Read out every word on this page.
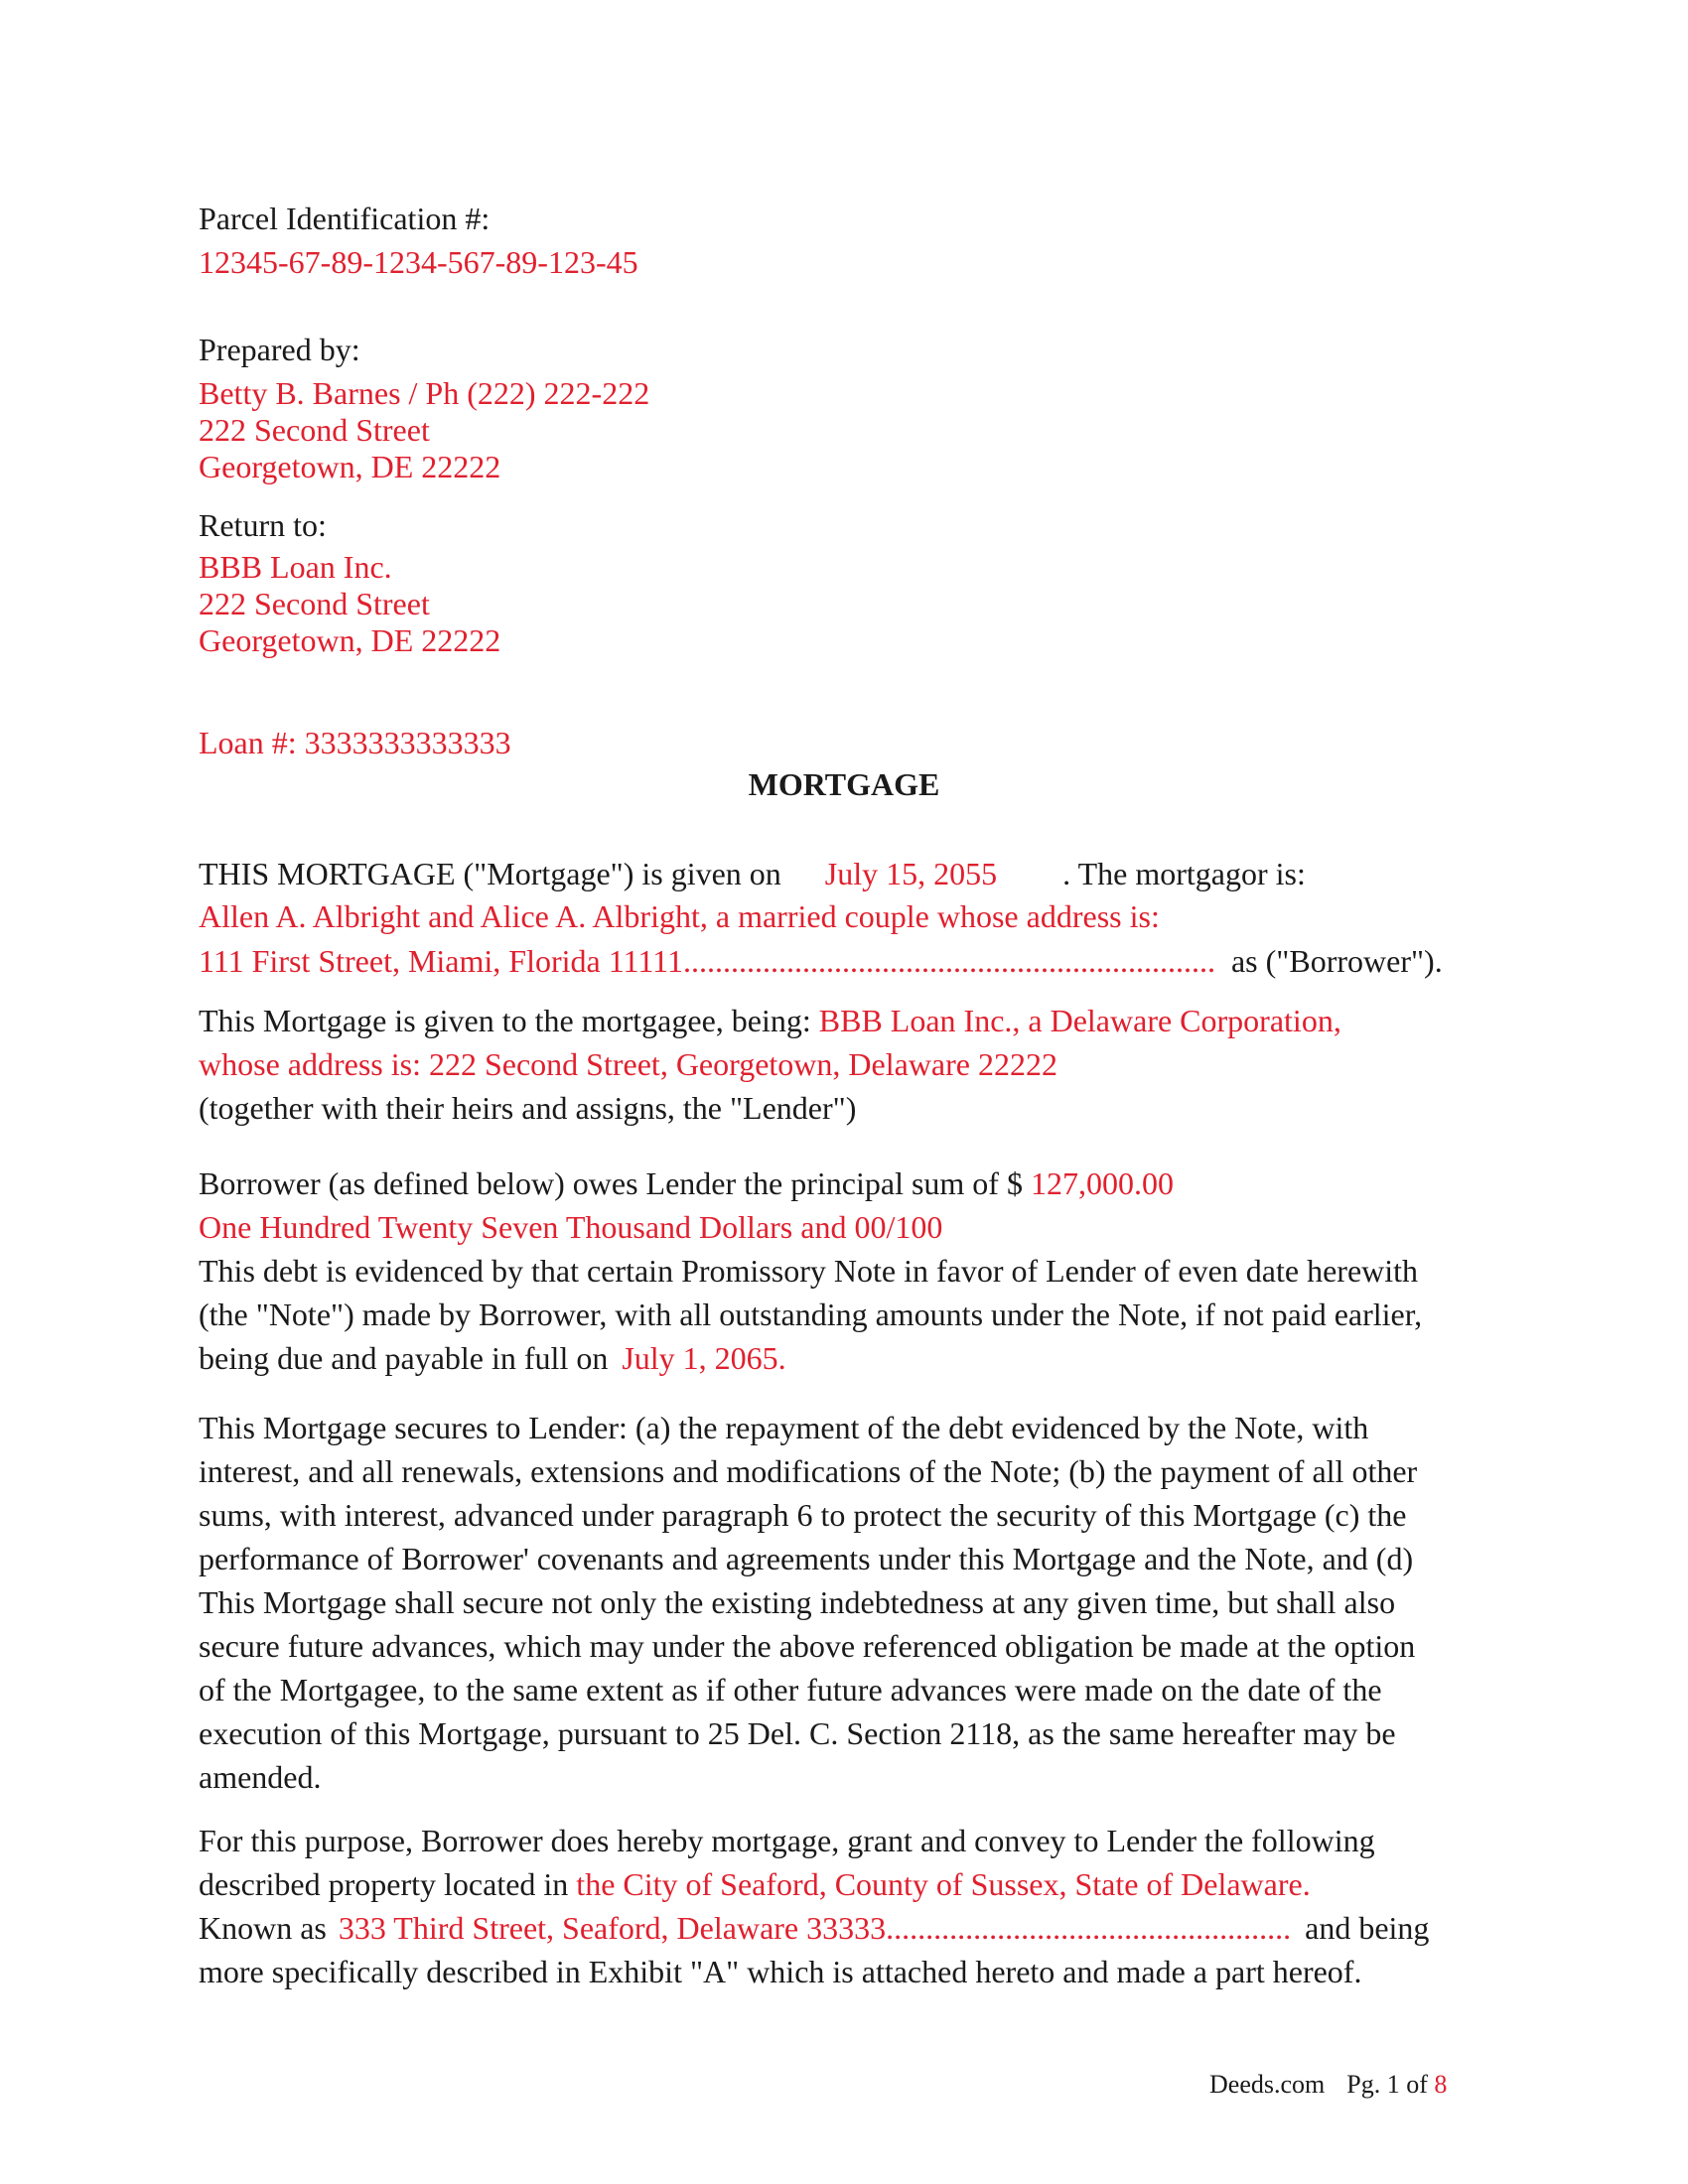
Parcel Identification #:
12345-67-89-1234-567-89-123-45
Prepared by:
Betty B. Barnes / Ph (222) 222-222
222 Second Street
Georgetown, DE 22222
Return to:
BBB Loan Inc.
222 Second Street
Georgetown, DE 22222
Loan #: 3333333333333
MORTGAGE
THIS MORTGAGE ("Mortgage") is given on July 15, 2055 . The mortgagor is:
Allen A. Albright and Alice A. Albright, a married couple whose address is:
111 First Street, Miami, Florida 11111................................................................... as ("Borrower").
This Mortgage is given to the mortgagee, being: BBB Loan Inc., a Delaware Corporation,
whose address is: 222 Second Street, Georgetown, Delaware 22222
(together with their heirs and assigns, the "Lender")
Borrower (as defined below) owes Lender the principal sum of $ 127,000.00
One Hundred Twenty Seven Thousand Dollars and 00/100
This debt is evidenced by that certain Promissory Note in favor of Lender of even date herewith
(the "Note") made by Borrower, with all outstanding amounts under the Note, if not paid earlier,
being due and payable in full on July 1, 2065.
This Mortgage secures to Lender: (a) the repayment of the debt evidenced by the Note, with
interest, and all renewals, extensions and modifications of the Note; (b) the payment of all other
sums, with interest, advanced under paragraph 6 to protect the security of this Mortgage (c) the
performance of Borrower' covenants and agreements under this Mortgage and the Note, and (d)
This Mortgage shall secure not only the existing indebtedness at any given time, but shall also
secure future advances, which may under the above referenced obligation be made at the option
of the Mortgagee, to the same extent as if other future advances were made on the date of the
execution of this Mortgage, pursuant to 25 Del. C. Section 2118, as the same hereafter may be
amended.
For this purpose, Borrower does hereby mortgage, grant and convey to Lender the following
described property located in the City of Seaford, County of Sussex, State of Delaware.
Known as 333 Third Street, Seaford, Delaware 33333................................................... and being
more specifically described in Exhibit "A" which is attached hereto and made a part hereof.
Deeds.com Pg. 1 of 8
